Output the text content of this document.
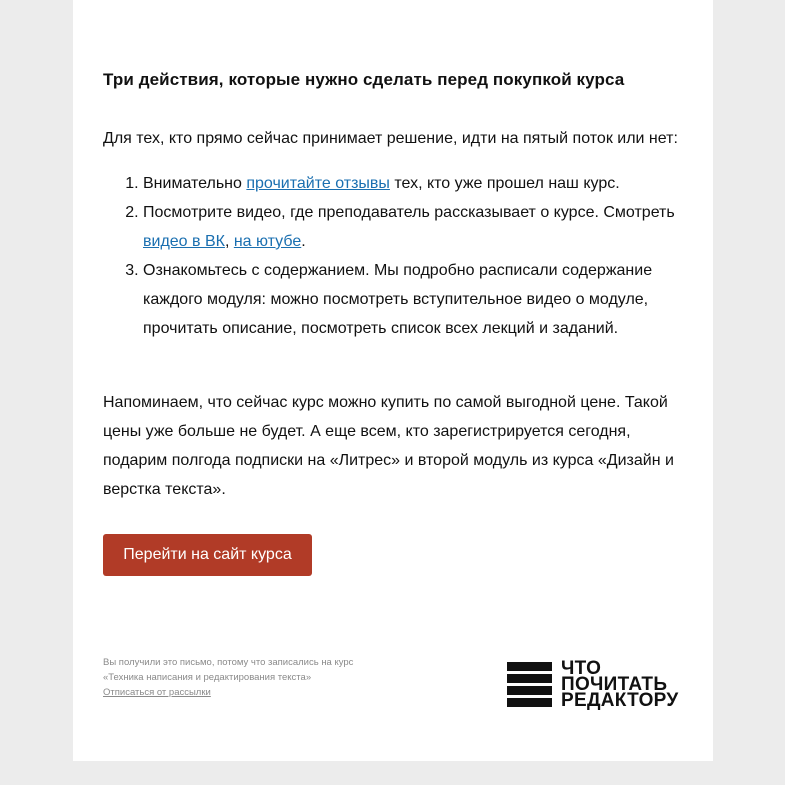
Три действия, которые нужно сделать перед покупкой курса
Для тех, кто прямо сейчас принимает решение, идти на пятый поток или нет:
1. Внимательно прочитайте отзывы тех, кто уже прошел наш курс.
2. Посмотрите видео, где преподаватель рассказывает о курсе. Смотреть видео в ВК, на ютубе.
3. Ознакомьтесь с содержанием. Мы подробно расписали содержание каждого модуля: можно посмотреть вступительное видео о модуле, прочитать описание, посмотреть список всех лекций и заданий.
Напоминаем, что сейчас курс можно купить по самой выгодной цене. Такой цены уже больше не будет. А еще всем, кто зарегистрируется сегодня, подарим полгода подписки на «Литрес» и второй модуль из курса «Дизайн и верстка текста».
Перейти на сайт курса
Вы получили это письмо, потому что записались на курс
«Техника написания и редактирования текста»
Отписаться от рассылки
ЧТО
ПОЧИТАТЬ
РЕДАКТОРУ
